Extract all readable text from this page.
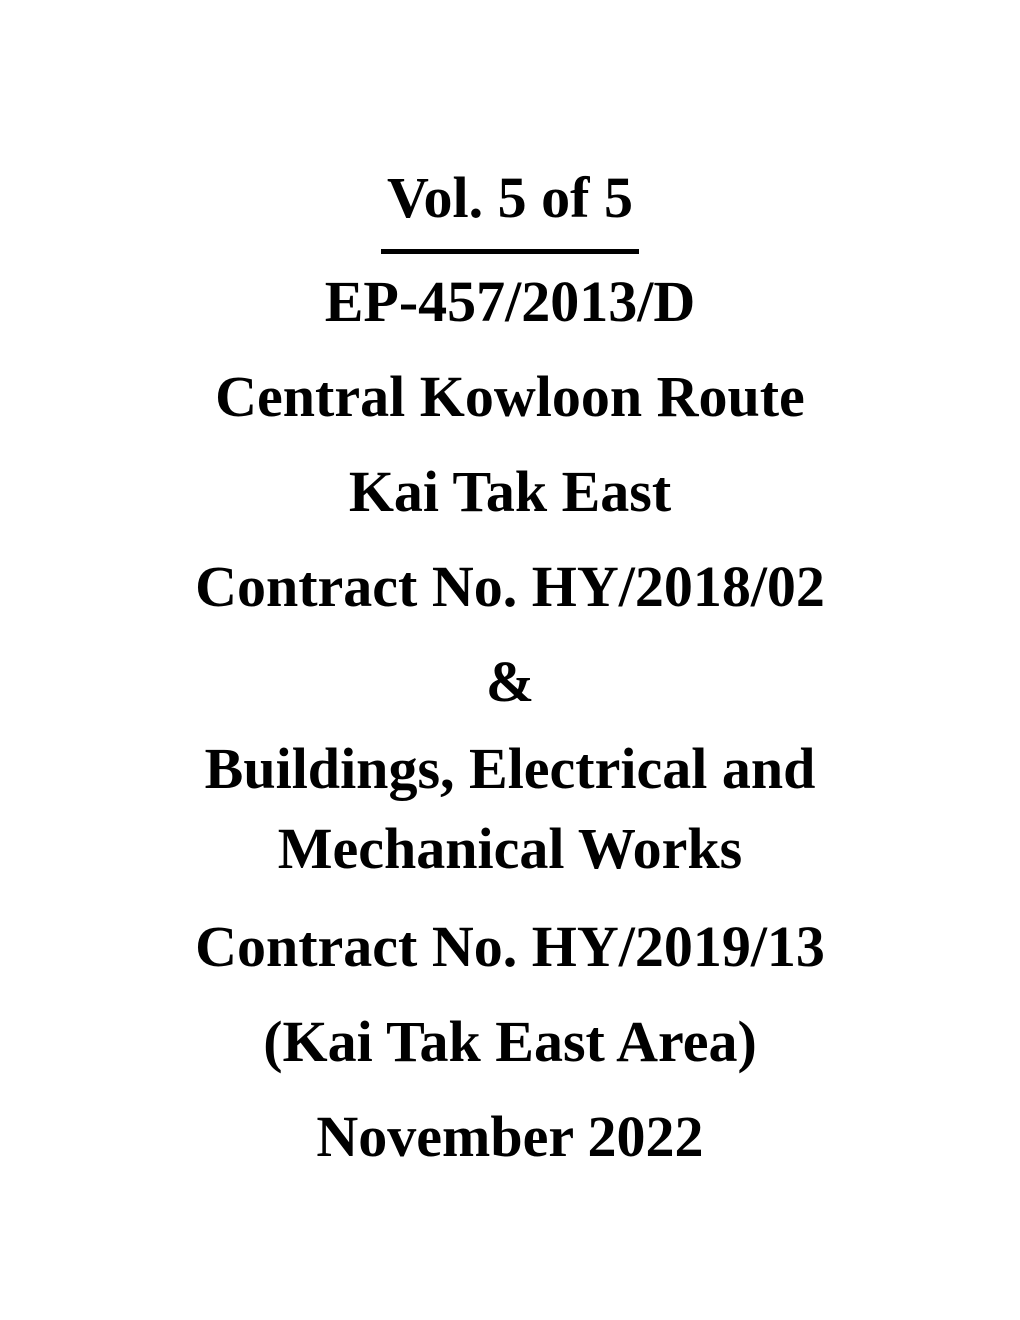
Vol. 5 of 5
EP-457/2013/D
Central Kowloon Route
Kai Tak East
Contract No. HY/2018/02
&
Buildings, Electrical and
Mechanical Works
Contract No. HY/2019/13
(Kai Tak East Area)
November 2022
